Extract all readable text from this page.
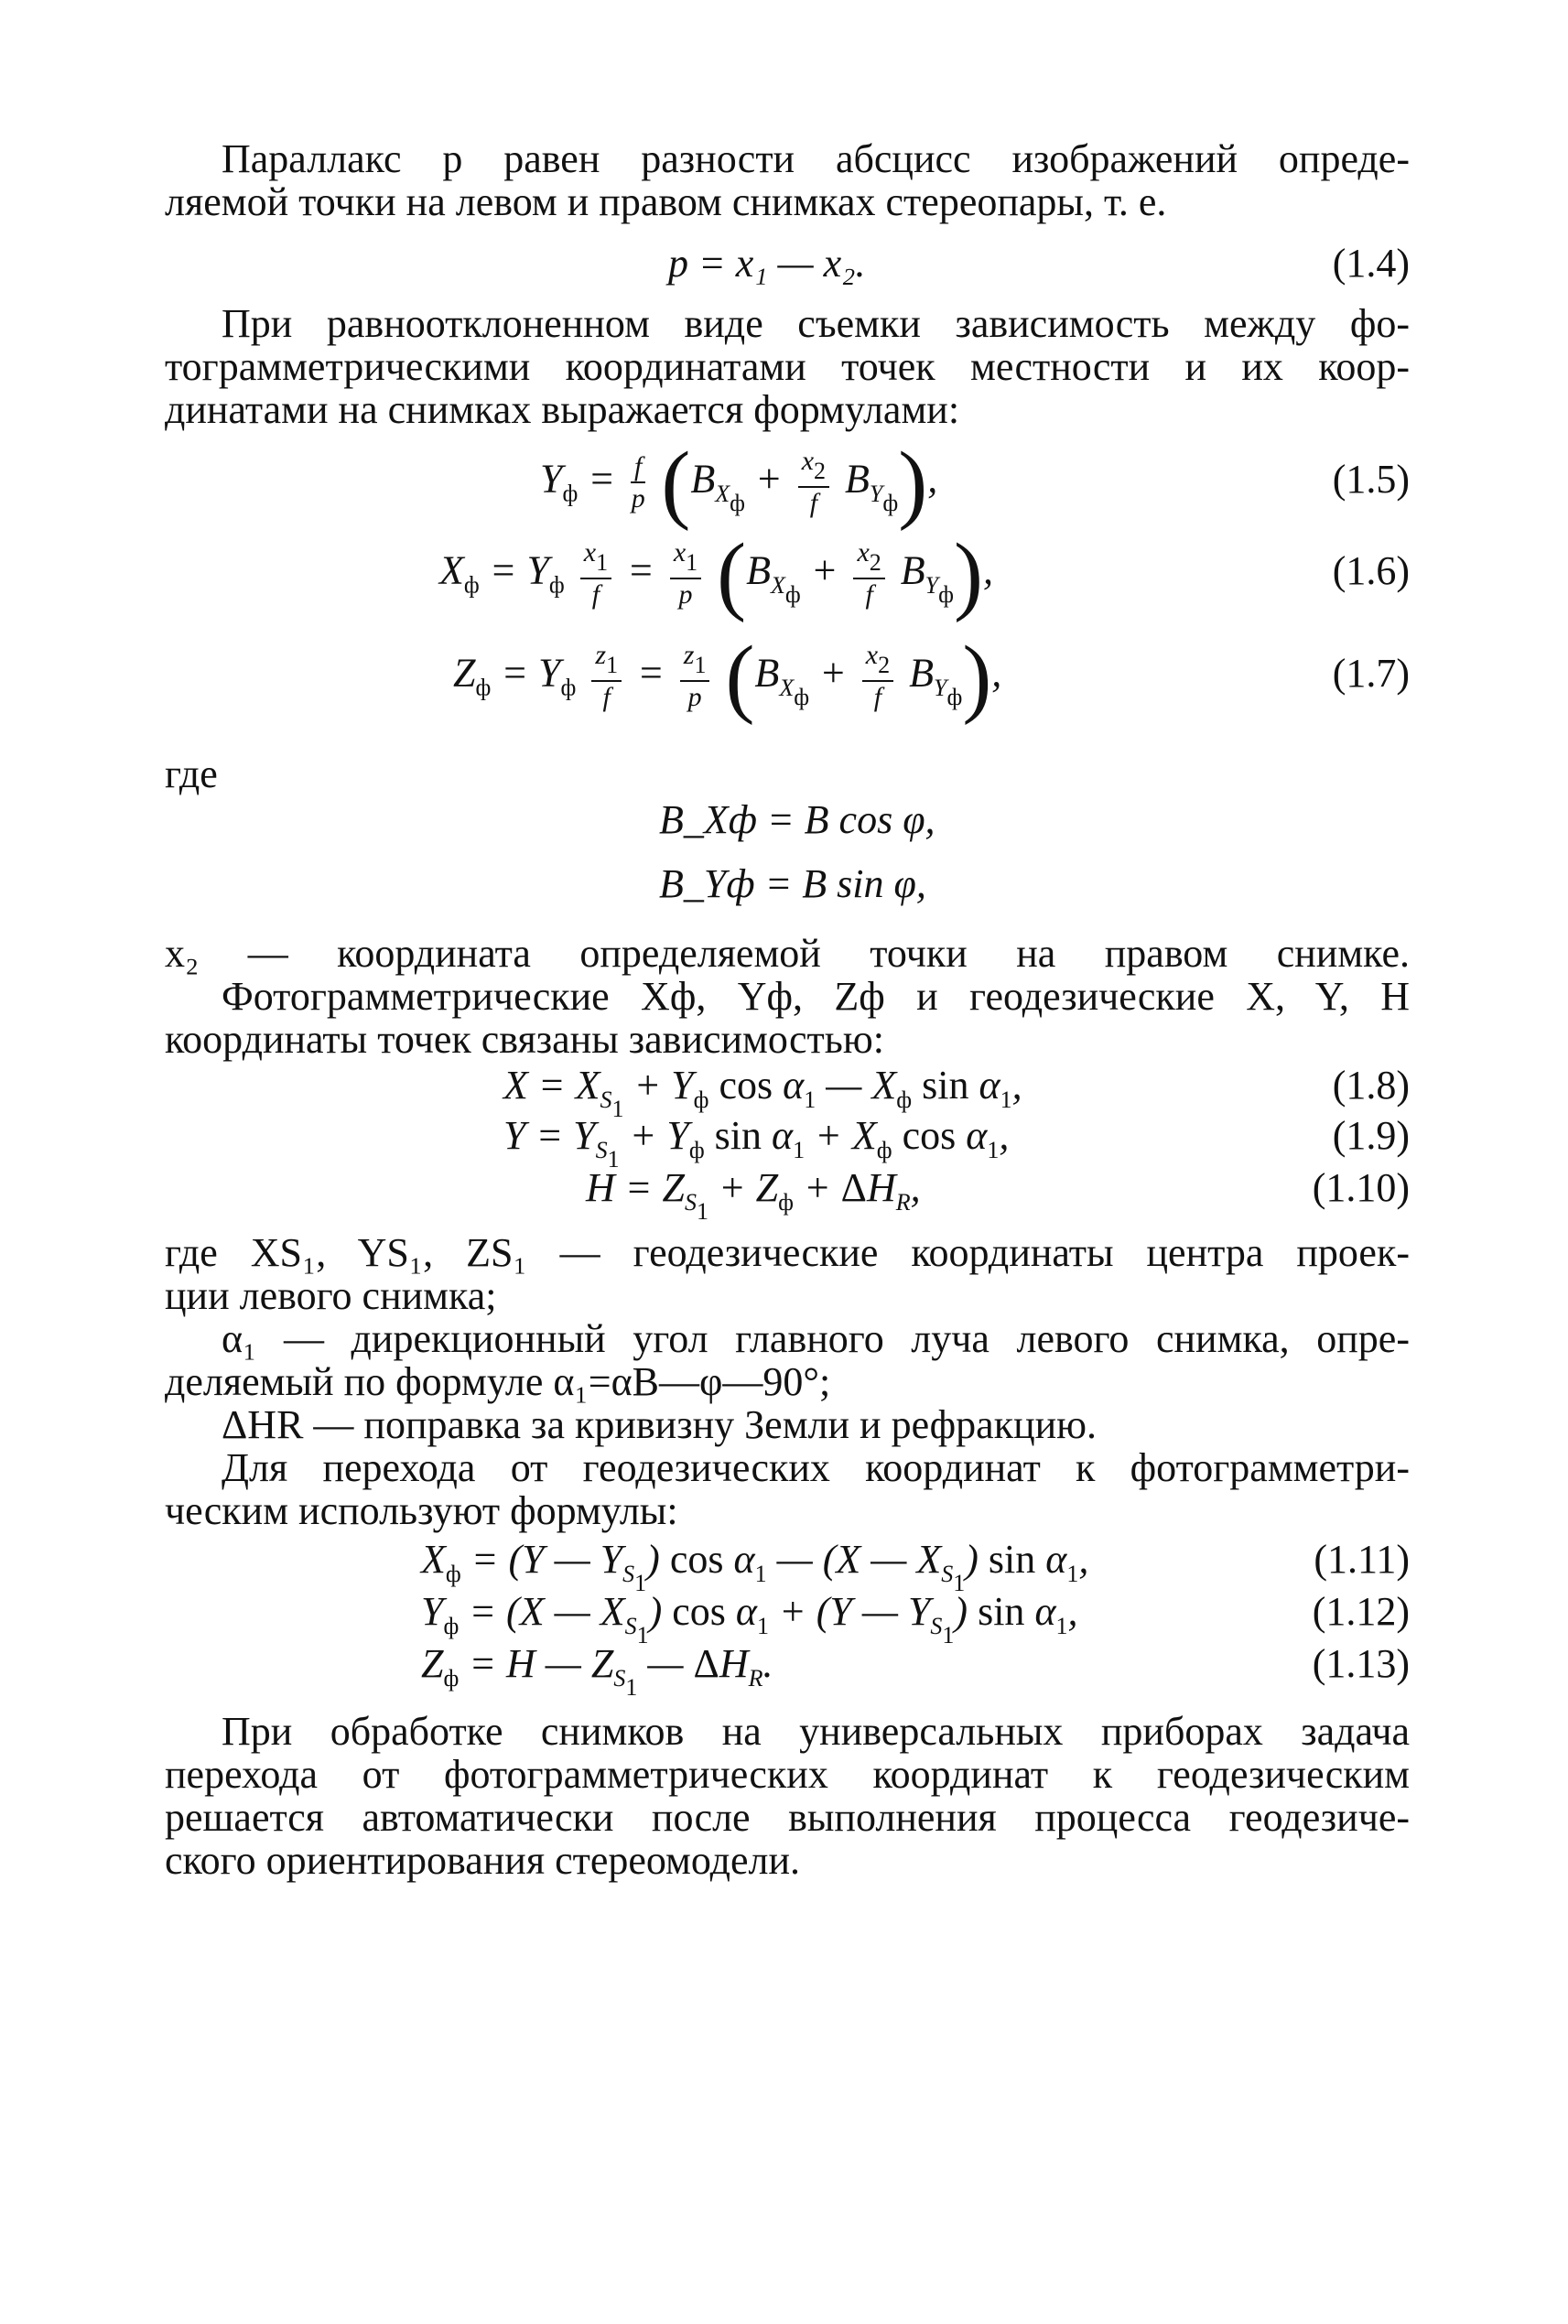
Параллакс p равен разности абсцисс изображений опреде-
ляемой точки на левом и правом снимках стереопары, т. е.
p = x₁ — x₂.	(1.4)
При равноотклоненном виде съемки зависимость между фо-
тограмметрическими координатами точек местности и их коор-
динатами на снимках выражается формулами:
$Y_ф = \frac{f}{p} (B_{X_ф} + \frac{x_2}{f} B_{Y_ф})$,	(1.5)
$X_ф = Y_ф \frac{x_1}{f} = \frac{x_1}{p} (B_{X_ф} + \frac{x_2}{f} B_{Y_ф})$,	(1.6)
$Z_ф = Y_ф \frac{z_1}{f} = \frac{z_1}{p} (B_{X_ф} + \frac{x_2}{f} B_{Y_ф})$,	(1.7)
где
B_Xф = B cos φ,
B_Yф = B sin φ,
x₂ — координата определяемой точки на правом снимке.
Фотограмметрические Xф, Yф, Zф и геодезические X, Y, H
координаты точек связаны зависимостью:
$X = X_{S_1} + Y_ф$ $\cos \alpha_1$ — $X_ф$ $\sin \alpha_1$,	(1.8)
$Y = Y_{S_1} + Y_ф$ $\sin \alpha_1 + X_ф$ $\cos \alpha_1$,	(1.9)
$H = Z_{S_1} + Z_ф + \Delta H_R$,	(1.10)
где XS₁, YS₁, ZS₁ — геодезические координаты центра проек-
ции левого снимка;
α₁ — дирекционный угол главного луча левого снимка, опре-
деляемый по формуле α₁=αB—φ—90°;
ΔHR — поправка за кривизну Земли и рефракцию.
Для перехода от геодезических координат к фотограмметри-
ческим используют формулы:
$X_ф = (Y$ — $Y_{S_1}$) $\cos \alpha_1$ — (X — $X_{S_1}$) $\sin \alpha_1$,	(1.11)
$Y_ф = (X$ — $X_{S_1}$) $\cos \alpha_1 + (Y$ — $Y_{S_1}$) $\sin \alpha_1$,	(1.12)
$Z_ф = H$ — $Z_{S_1}$ — $\Delta H_R$.	(1.13)
При обработке снимков на универсальных приборах задача
перехода от фотограмметрических координат к геодезическим
решается автоматически после выполнения процесса геодезиче-
ского ориентирования стереомодели.
